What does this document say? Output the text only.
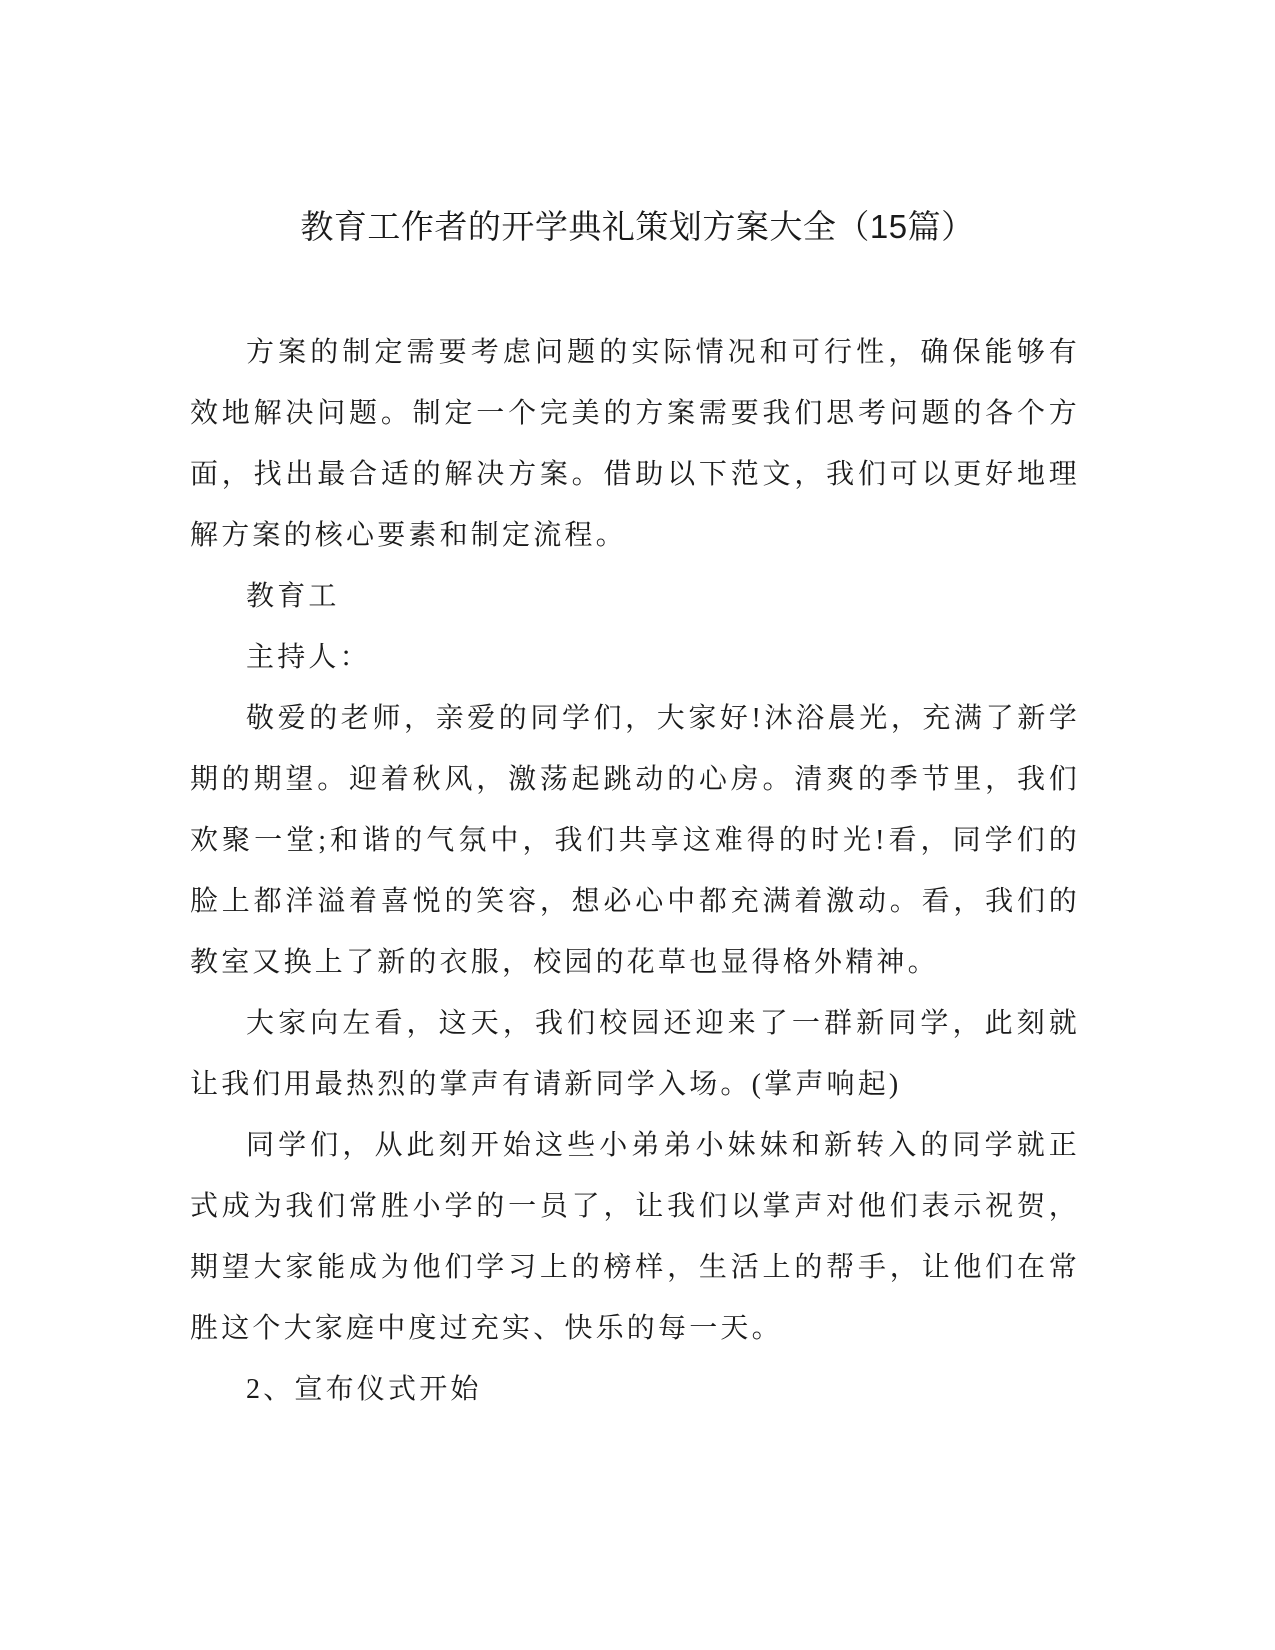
教育工作者的开学典礼策划方案大全（15篇）

方案的制定需要考虑问题的实际情况和可行性，确保能够有效地解决问题。制定一个完美的方案需要我们思考问题的各个方面，找出最合适的解决方案。借助以下范文，我们可以更好地理解方案的核心要素和制定流程。

教育工

主持人：

敬爱的老师，亲爱的同学们，大家好!沐浴晨光，充满了新学期的期望。迎着秋风，激荡起跳动的心房。清爽的季节里，我们欢聚一堂;和谐的气氛中，我们共享这难得的时光!看，同学们的脸上都洋溢着喜悦的笑容，想必心中都充满着激动。看，我们的教室又换上了新的衣服，校园的花草也显得格外精神。

大家向左看，这天，我们校园还迎来了一群新同学，此刻就让我们用最热烈的掌声有请新同学入场。(掌声响起)

同学们，从此刻开始这些小弟弟小妹妹和新转入的同学就正式成为我们常胜小学的一员了，让我们以掌声对他们表示祝贺，期望大家能成为他们学习上的榜样，生活上的帮手，让他们在常胜这个大家庭中度过充实、快乐的每一天。

2、宣布仪式开始
